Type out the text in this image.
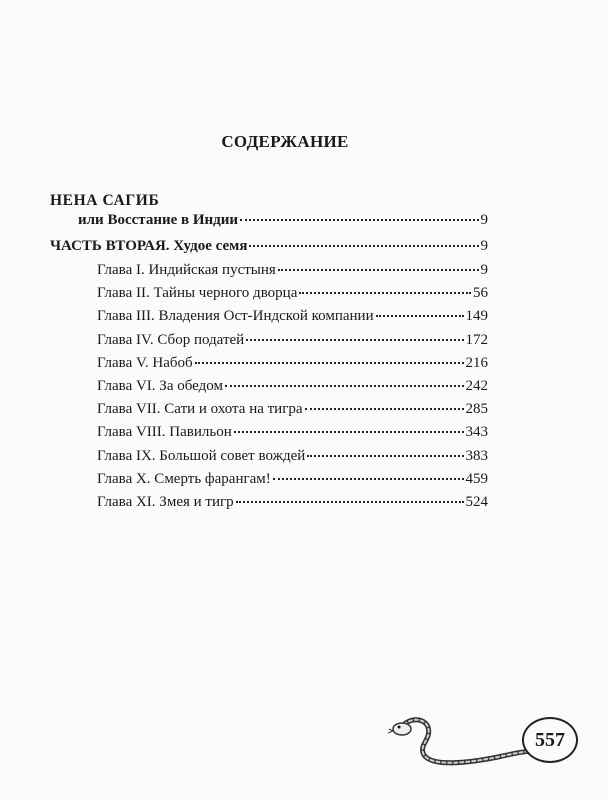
СОДЕРЖАНИЕ
НЕНА САГИБ
или Восстание в Индии	9
ЧАСТЬ ВТОРАЯ. Худое семя	9
Глава I. Индийская пустыня	9
Глава II. Тайны черного дворца	56
Глава III. Владения Ост-Индской компании	149
Глава IV. Сбор податей	172
Глава V. Набоб	216
Глава VI. За обедом	242
Глава VII. Сати и охота на тигра	285
Глава VIII. Павильон	343
Глава IX. Большой совет вождей	383
Глава X. Смерть фарангам!	459
Глава XI. Змея и тигр	524
557
